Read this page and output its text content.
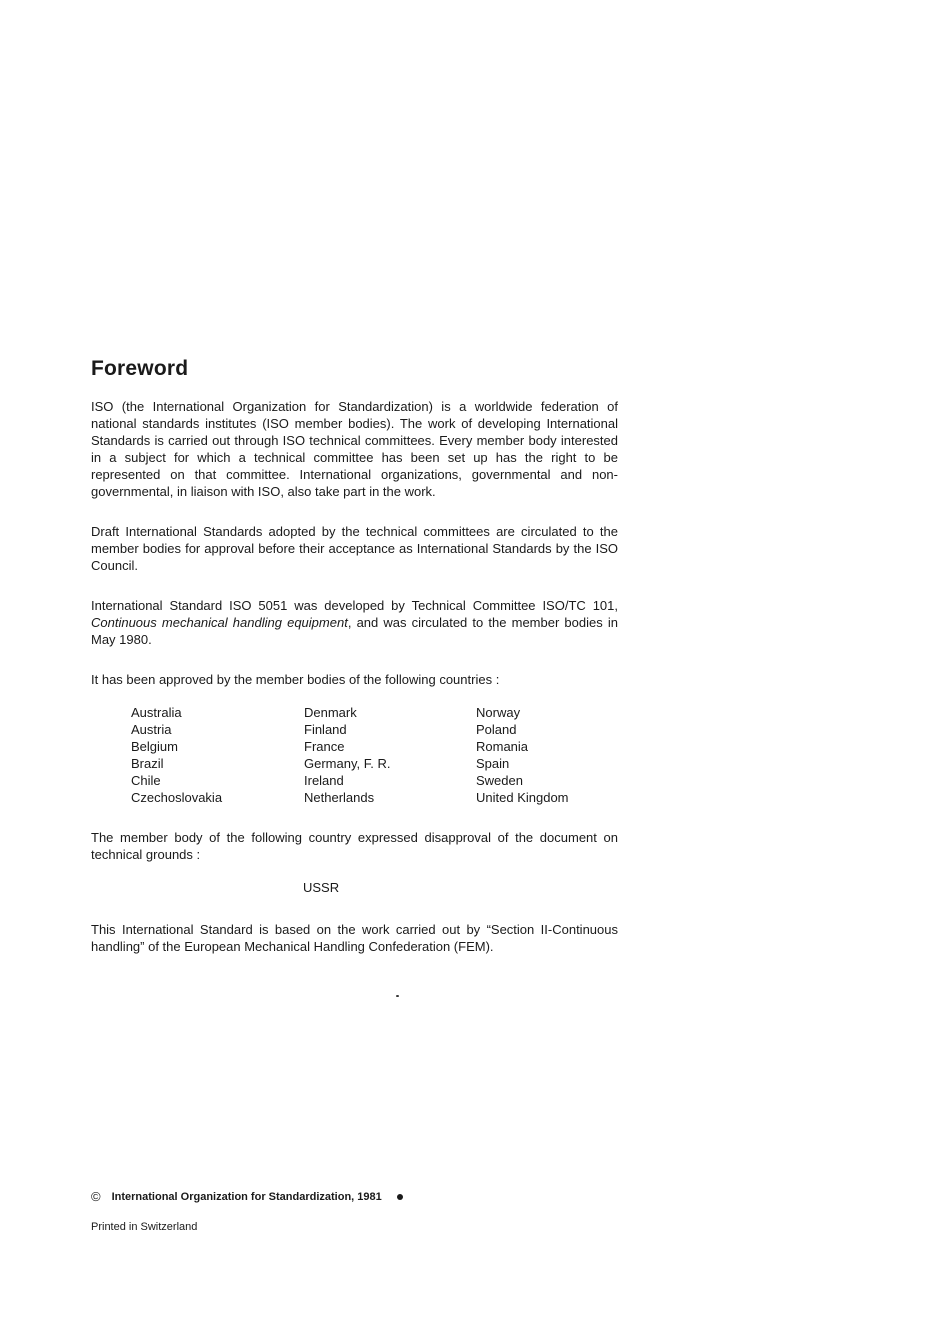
Foreword

ISO (the International Organization for Standardization) is a worldwide federation of national standards institutes (ISO member bodies). The work of developing International Standards is carried out through ISO technical committees. Every member body interested in a subject for which a technical committee has been set up has the right to be represented on that committee. International organizations, governmental and non-governmental, in liaison with ISO, also take part in the work.

Draft International Standards adopted by the technical committees are circulated to the member bodies for approval before their acceptance as International Standards by the ISO Council.

International Standard ISO 5051 was developed by Technical Committee ISO/TC 101, Continuous mechanical handling equipment, and was circulated to the member bodies in May 1980.

It has been approved by the member bodies of the following countries :

Australia
Austria
Belgium
Brazil
Chile
Czechoslovakia
Denmark
Finland
France
Germany, F. R.
Ireland
Netherlands
Norway
Poland
Romania
Spain
Sweden
United Kingdom

The member body of the following country expressed disapproval of the document on technical grounds :

USSR

This International Standard is based on the work carried out by “Section II-Continuous handling” of the European Mechanical Handling Confederation (FEM).

© International Organization for Standardization, 1981
Printed in Switzerland
